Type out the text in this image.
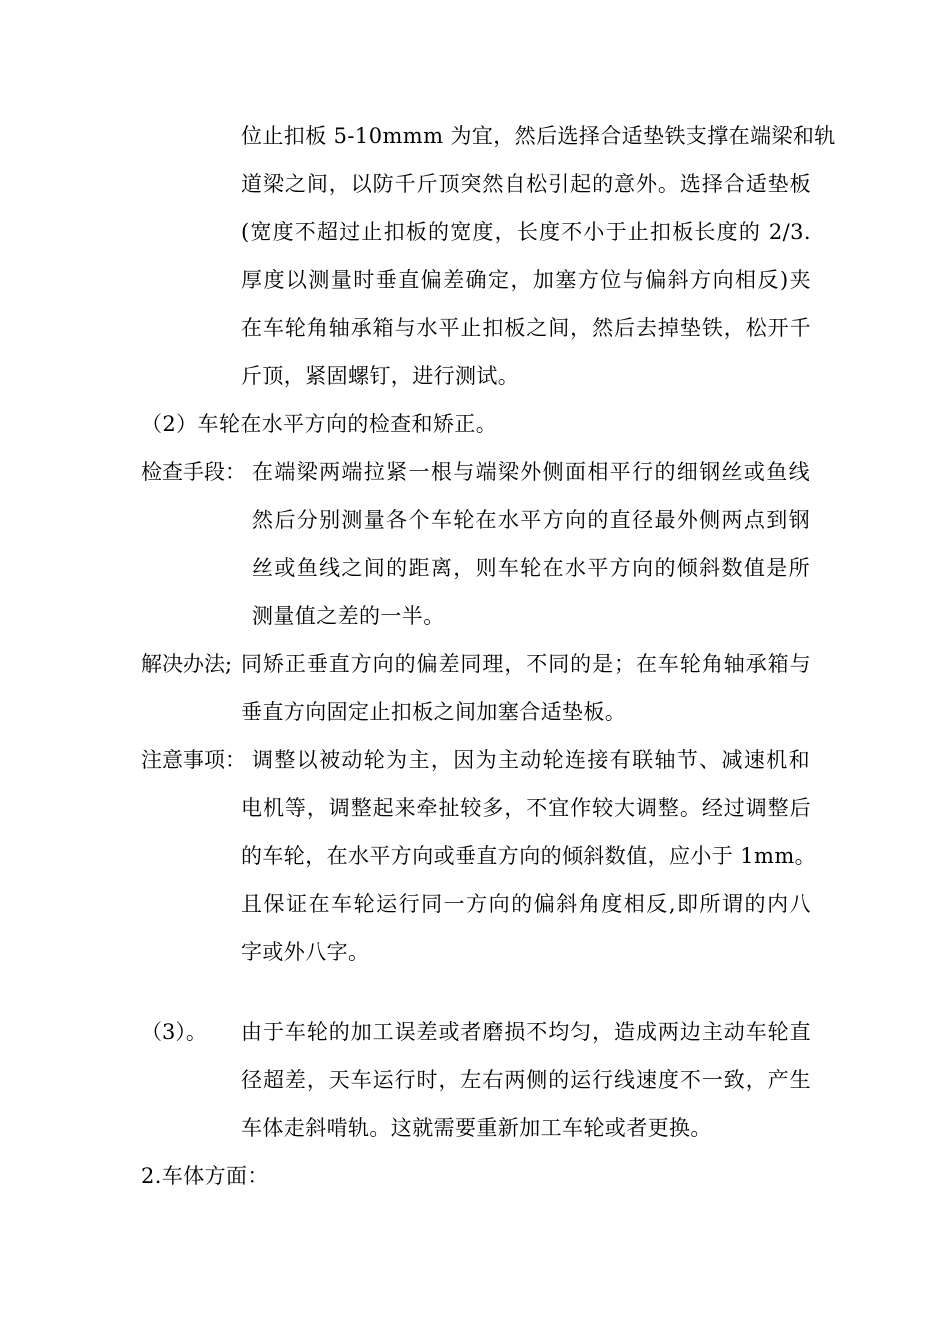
位止扣板 5-10mmm 为宜，然后选择合适垫铁支撑在端梁和轨
道梁之间，以防千斤顶突然自松引起的意外。选择合适垫板
(宽度不超过止扣板的宽度，长度不小于止扣板长度的 2/3.
厚度以测量时垂直偏差确定，加塞方位与偏斜方向相反)夹
在车轮角轴承箱与水平止扣板之间，然后去掉垫铁，松开千
斤顶，紧固螺钉，进行测试。
（2）车轮在水平方向的检查和矫正。
检查手段： 在端梁两端拉紧一根与端梁外侧面相平行的细钢丝或鱼线
然后分别测量各个车轮在水平方向的直径最外侧两点到钢
丝或鱼线之间的距离，则车轮在水平方向的倾斜数值是所
测量值之差的一半。
解决办法; 同矫正垂直方向的偏差同理，不同的是；在车轮角轴承箱与
垂直方向固定止扣板之间加塞合适垫板。
注意事项： 调整以被动轮为主，因为主动轮连接有联轴节、减速机和
电机等，调整起来牵扯较多，不宜作较大调整。经过调整后
的车轮，在水平方向或垂直方向的倾斜数值，应小于 1mm。
且保证在车轮运行同一方向的偏斜角度相反,即所谓的内八
字或外八字。
（3）。 由于车轮的加工误差或者磨损不均匀，造成两边主动车轮直
径超差，天车运行时，左右两侧的运行线速度不一致，产生
车体走斜啃轨。这就需要重新加工车轮或者更换。
2.车体方面：
